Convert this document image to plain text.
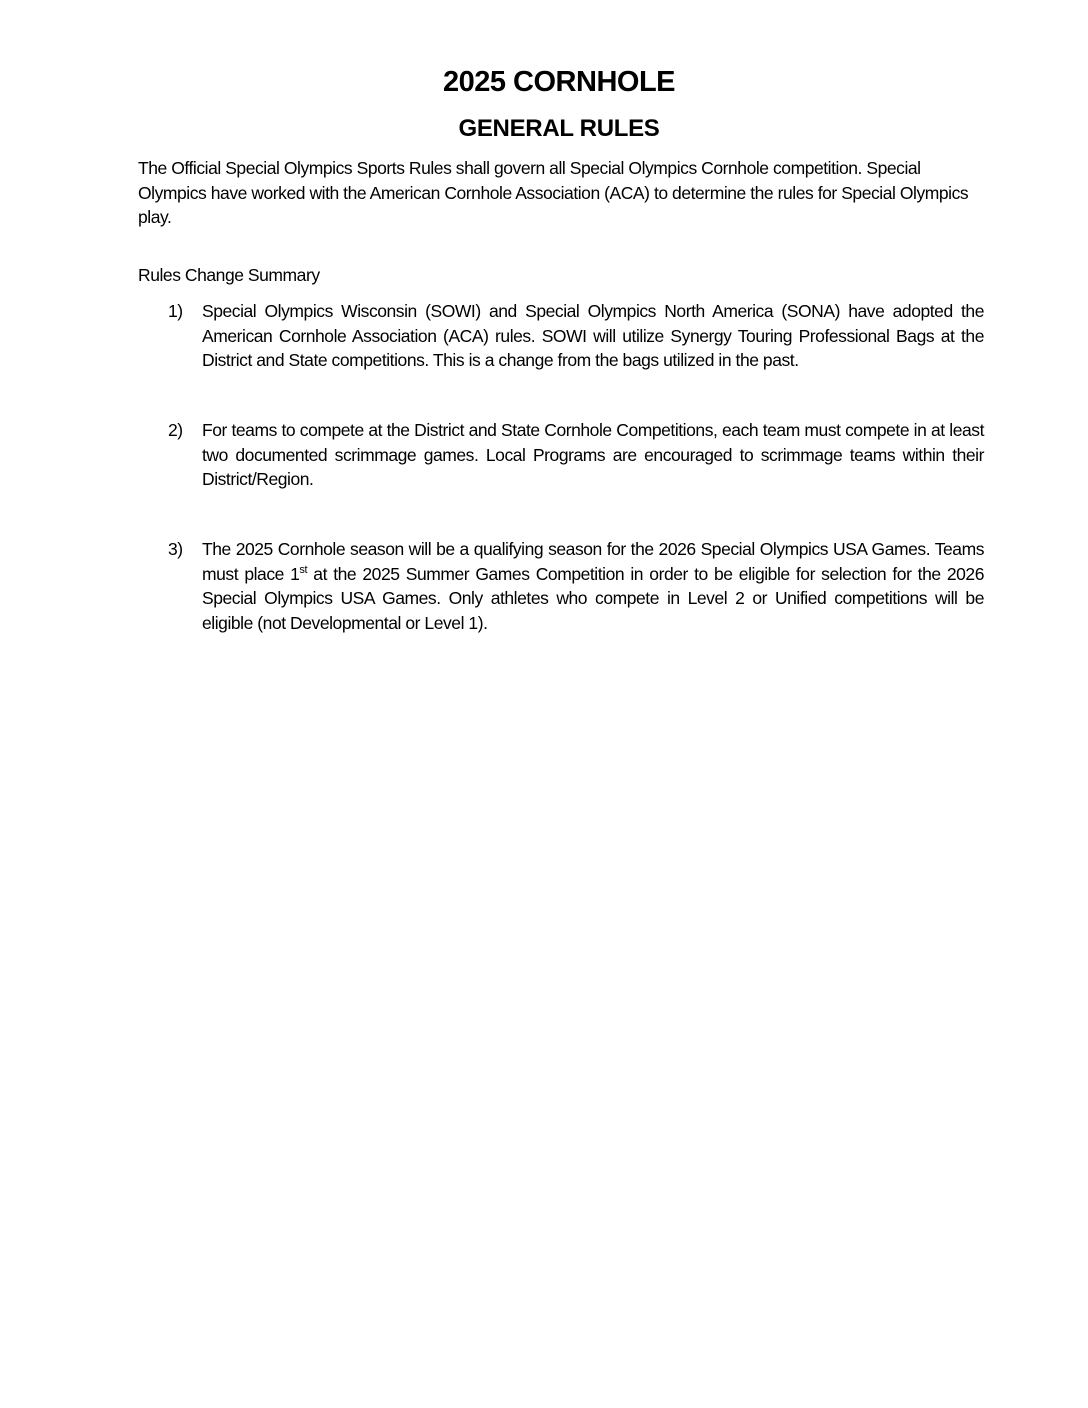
2025 CORNHOLE
GENERAL RULES

The Official Special Olympics Sports Rules shall govern all Special Olympics Cornhole competition. Special Olympics have worked with the American Cornhole Association (ACA) to determine the rules for Special Olympics play.

Rules Change Summary

1)	Special Olympics Wisconsin (SOWI) and Special Olympics North America (SONA) have adopted the American Cornhole Association (ACA) rules. SOWI will utilize Synergy Touring Professional Bags at the District and State competitions. This is a change from the bags utilized in the past.
2)	For teams to compete at the District and State Cornhole Competitions, each team must compete in at least two documented scrimmage games. Local Programs are encouraged to scrimmage teams within their District/Region.
3)	The 2025 Cornhole season will be a qualifying season for the 2026 Special Olympics USA Games. Teams must place 1st at the 2025 Summer Games Competition in order to be eligible for selection for the 2026 Special Olympics USA Games. Only athletes who compete in Level 2 or Unified competitions will be eligible (not Developmental or Level 1).
